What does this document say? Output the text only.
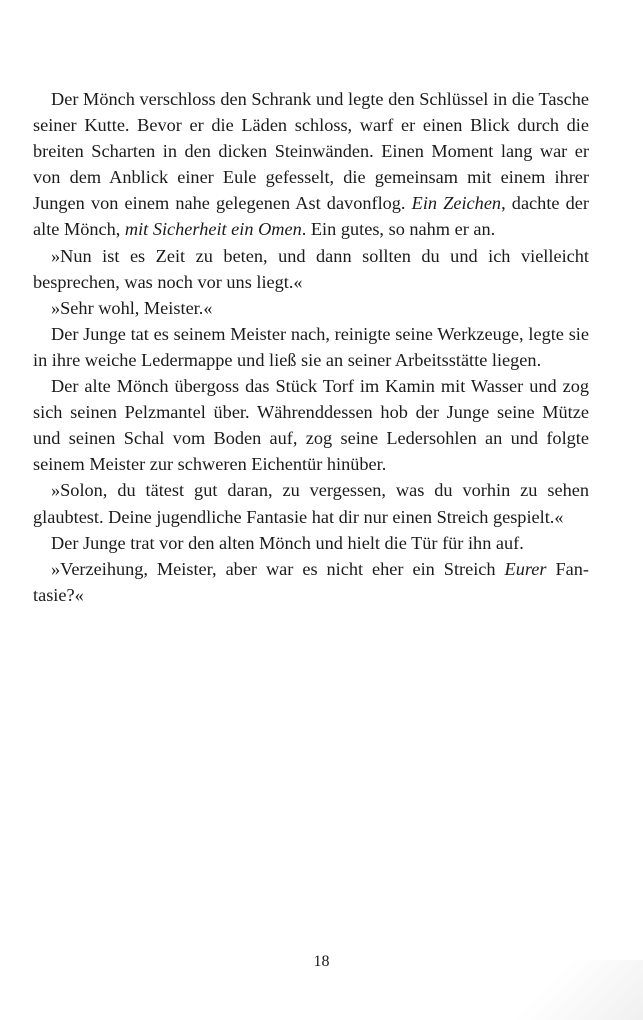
Der Mönch verschloss den Schrank und legte den Schlüssel in die Tasche seiner Kutte. Bevor er die Läden schloss, warf er einen Blick durch die breiten Scharten in den dicken Steinwänden. Einen Moment lang war er von dem Anblick einer Eule gefesselt, die gemeinsam mit einem ihrer Jungen von einem nahe gelegenen Ast davonflog. Ein Zeichen, dachte der alte Mönch, mit Sicherheit ein Omen. Ein gutes, so nahm er an.

»Nun ist es Zeit zu beten, und dann sollten du und ich vielleicht besprechen, was noch vor uns liegt.«

»Sehr wohl, Meister.«

Der Junge tat es seinem Meister nach, reinigte seine Werkzeuge, legte sie in ihre weiche Ledermappe und ließ sie an seiner Arbeitsstätte liegen.

Der alte Mönch übergoss das Stück Torf im Kamin mit Wasser und zog sich seinen Pelzmantel über. Währenddessen hob der Junge seine Mütze und seinen Schal vom Boden auf, zog seine Ledersohlen an und folgte seinem Meister zur schweren Eichentür hinüber.

»Solon, du tätest gut daran, zu vergessen, was du vorhin zu sehen glaubtest. Deine jugendliche Fantasie hat dir nur einen Streich gespielt.«

Der Junge trat vor den alten Mönch und hielt die Tür für ihn auf.

»Verzeihung, Meister, aber war es nicht eher ein Streich Eurer Fantasie?«

18
